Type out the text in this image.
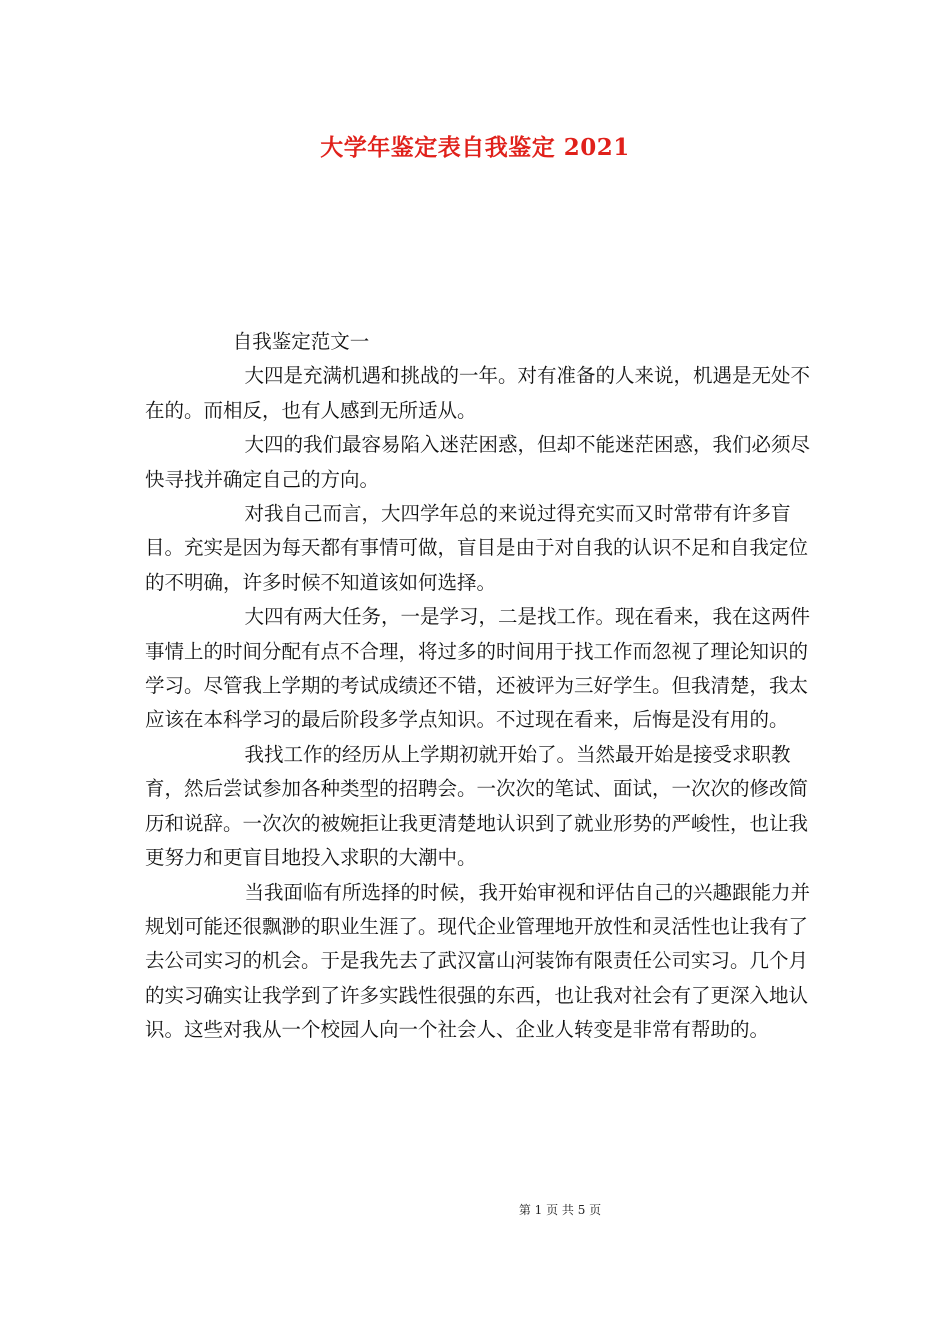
大学年鉴定表自我鉴定 2021

自我鉴定范文一

大四是充满机遇和挑战的一年。对有准备的人来说，机遇是无处不在的。而相反，也有人感到无所适从。

大四的我们最容易陷入迷茫困惑，但却不能迷茫困惑，我们必须尽快寻找并确定自己的方向。

对我自己而言，大四学年总的来说过得充实而又时常带有许多盲目。充实是因为每天都有事情可做，盲目是由于对自我的认识不足和自我定位的不明确，许多时候不知道该如何选择。

大四有两大任务，一是学习，二是找工作。现在看来，我在这两件事情上的时间分配有点不合理，将过多的时间用于找工作而忽视了理论知识的学习。尽管我上学期的考试成绩还不错，还被评为三好学生。但我清楚，我太应该在本科学习的最后阶段多学点知识。不过现在看来，后悔是没有用的。

我找工作的经历从上学期初就开始了。当然最开始是接受求职教育，然后尝试参加各种类型的招聘会。一次次的笔试、面试，一次次的修改简历和说辞。一次次的被婉拒让我更清楚地认识到了就业形势的严峻性，也让我更努力和更盲目地投入求职的大潮中。

当我面临有所选择的时候，我开始审视和评估自己的兴趣跟能力并规划可能还很飘渺的职业生涯了。现代企业管理地开放性和灵活性也让我有了去公司实习的机会。于是我先去了武汉富山河装饰有限责任公司实习。几个月的实习确实让我学到了许多实践性很强的东西，也让我对社会有了更深入地认识。这些对我从一个校园人向一个社会人、企业人转变是非常有帮助的。

第 1 页 共 5 页
